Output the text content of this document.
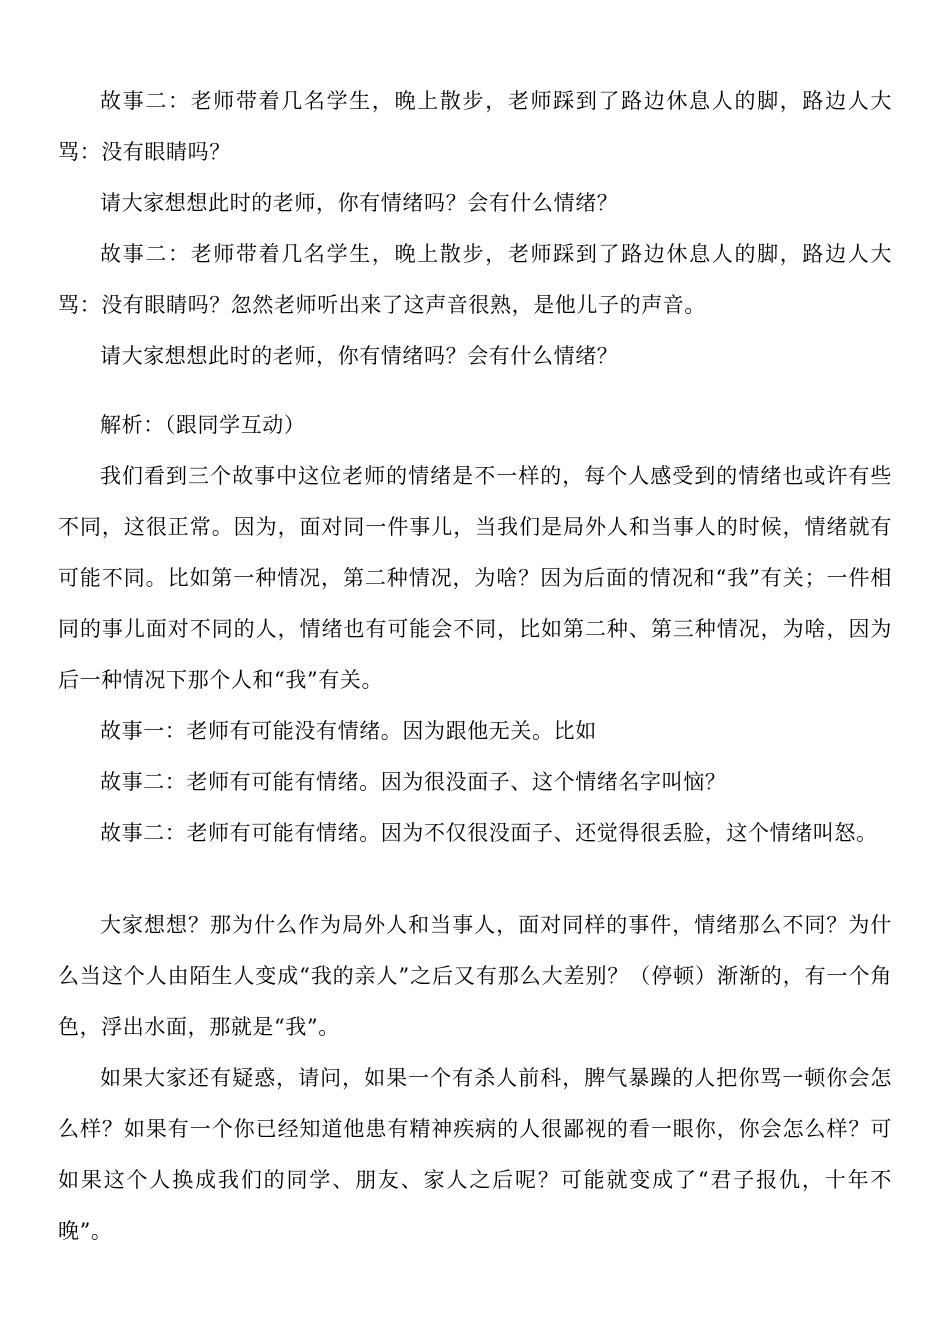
故事二：老师带着几名学生，晚上散步，老师踩到了路边休息人的脚，路边人大骂：没有眼睛吗？

请大家想想此时的老师，你有情绪吗？会有什么情绪？

故事二：老师带着几名学生，晚上散步，老师踩到了路边休息人的脚，路边人大骂：没有眼睛吗？忽然老师听出来了这声音很熟，是他儿子的声音。

请大家想想此时的老师，你有情绪吗？会有什么情绪？

解析：（跟同学互动）

我们看到三个故事中这位老师的情绪是不一样的，每个人感受到的情绪也或许有些不同，这很正常。因为，面对同一件事儿，当我们是局外人和当事人的时候，情绪就有可能不同。比如第一种情况，第二种情况，为啥？因为后面的情况和“我”有关；一件相同的事儿面对不同的人，情绪也有可能会不同，比如第二种、第三种情况，为啥，因为后一种情况下那个人和“我”有关。

故事一：老师有可能没有情绪。因为跟他无关。比如

故事二：老师有可能有情绪。因为很没面子、这个情绪名字叫恼？

故事二：老师有可能有情绪。因为不仅很没面子、还觉得很丢脸，这个情绪叫怒。

大家想想？那为什么作为局外人和当事人，面对同样的事件，情绪那么不同？为什么当这个人由陌生人变成“我的亲人”之后又有那么大差别？（停顿）渐渐的，有一个角色，浮出水面，那就是“我”。

如果大家还有疑惑，请问，如果一个有杀人前科，脾气暴躁的人把你骂一顿你会怎么样？如果有一个你已经知道他患有精神疾病的人很鄙视的看一眼你，你会怎么样？可如果这个人换成我们的同学、朋友、家人之后呢？可能就变成了“君子报仇，十年不晚”。
